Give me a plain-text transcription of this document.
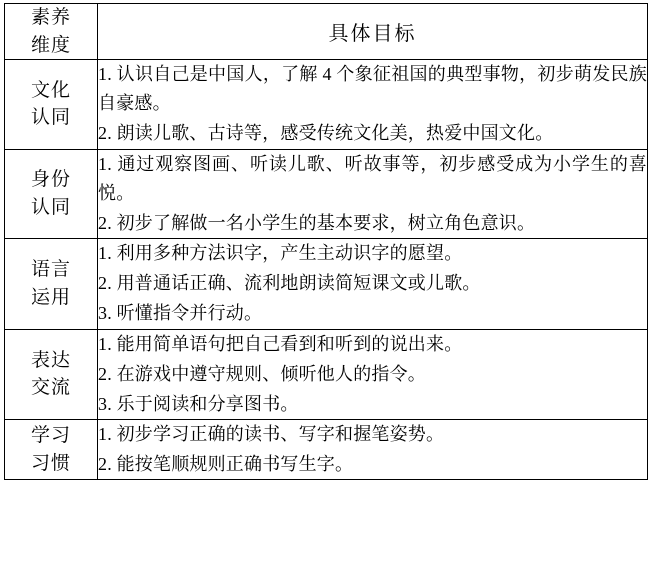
素养
维度	具体目标

文化
认同	1. 认识自己是中国人，了解 4 个象征祖国的典型事物，初步萌发民族自豪感。
2. 朗读儿歌、古诗等，感受传统文化美，热爱中国文化。

身份
认同	1. 通过观察图画、听读儿歌、听故事等，初步感受成为小学生的喜悦。
2. 初步了解做一名小学生的基本要求，树立角色意识。

语言
运用	1. 利用多种方法识字，产生主动识字的愿望。
2. 用普通话正确、流利地朗读简短课文或儿歌。
3. 听懂指令并行动。

表达
交流	1. 能用简单语句把自己看到和听到的说出来。
2. 在游戏中遵守规则、倾听他人的指令。
3. 乐于阅读和分享图书。

学习
习惯	1. 初步学习正确的读书、写字和握笔姿势。
2. 能按笔顺规则正确书写生字。
